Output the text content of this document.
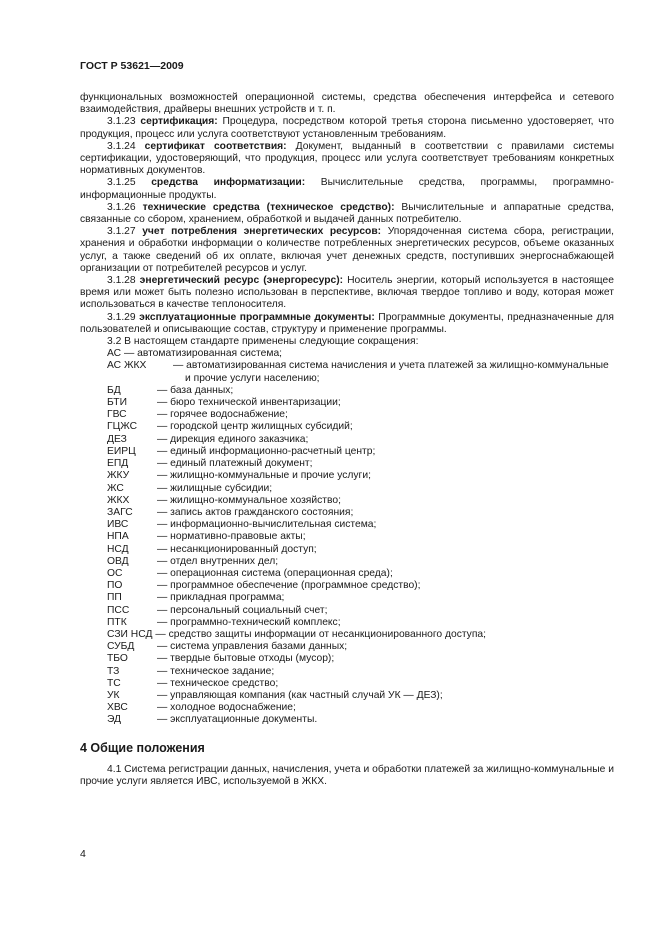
ГОСТ Р 53621—2009

функциональных возможностей операционной системы, средства обеспечения интерфейса и сетевого взаимодействия, драйверы внешних устройств и т. п.

3.1.23 сертификация: Процедура, посредством которой третья сторона письменно удостоверяет, что продукция, процесс или услуга соответствуют установленным требованиям.

3.1.24 сертификат соответствия: Документ, выданный в соответствии с правилами системы сертификации, удостоверяющий, что продукция, процесс или услуга соответствует требованиям конкретных нормативных документов.

3.1.25 средства информатизации: Вычислительные средства, программы, программно-информационные продукты.

3.1.26 технические средства (техническое средство): Вычислительные и аппаратные средства, связанные со сбором, хранением, обработкой и выдачей данных потребителю.

3.1.27 учет потребления энергетических ресурсов: Упорядоченная система сбора, регистрации, хранения и обработки информации о количестве потребленных энергетических ресурсов, объеме оказанных услуг, а также сведений об их оплате, включая учет денежных средств, поступивших энергоснабжающей организации от потребителей ресурсов и услуг.

3.1.28 энергетический ресурс (энергоресурс): Носитель энергии, который используется в настоящее время или может быть полезно использован в перспективе, включая твердое топливо и воду, которая может использоваться в качестве теплоносителя.

3.1.29 эксплуатационные программные документы: Программные документы, предназначенные для пользователей и описывающие состав, структуру и применение программы.

3.2 В настоящем стандарте применены следующие сокращения:

АС — автоматизированная система;

АС ЖКХ	— автоматизированная система начисления и учета платежей за жилищно-коммунальные и прочие услуги населению;
БД	— база данных;
БТИ	— бюро технической инвентаризации;
ГВС	— горячее водоснабжение;
ГЦЖС	— городской центр жилищных субсидий;
ДЕЗ	— дирекция единого заказчика;
ЕИРЦ	— единый информационно-расчетный центр;
ЕПД	— единый платежный документ;
ЖКУ	— жилищно-коммунальные и прочие услуги;
ЖС	— жилищные субсидии;
ЖКХ	— жилищно-коммунальное хозяйство;
ЗАГС	— запись актов гражданского состояния;
ИВС	— информационно-вычислительная система;
НПА	— нормативно-правовые акты;
НСД	— несанкционированный доступ;
ОВД	— отдел внутренних дел;
ОС	— операционная система (операционная среда);
ПО	— программное обеспечение (программное средство);
ПП	— прикладная программа;
ПСС	— персональный социальный счет;
ПТК	— программно-технический комплекс;
СЗИ НСД — средство защиты информации от несанкционированного доступа;
СУБД	— система управления базами данных;
ТБО	— твердые бытовые отходы (мусор);
ТЗ	— техническое задание;
ТС	— техническое средство;
УК	— управляющая компания (как частный случай УК — ДЕЗ);
ХВС	— холодное водоснабжение;
ЭД	— эксплуатационные документы.
4 Общие положения

4.1 Система регистрации данных, начисления, учета и обработки платежей за жилищно-коммунальные и прочие услуги является ИВС, используемой в ЖКХ.

4
